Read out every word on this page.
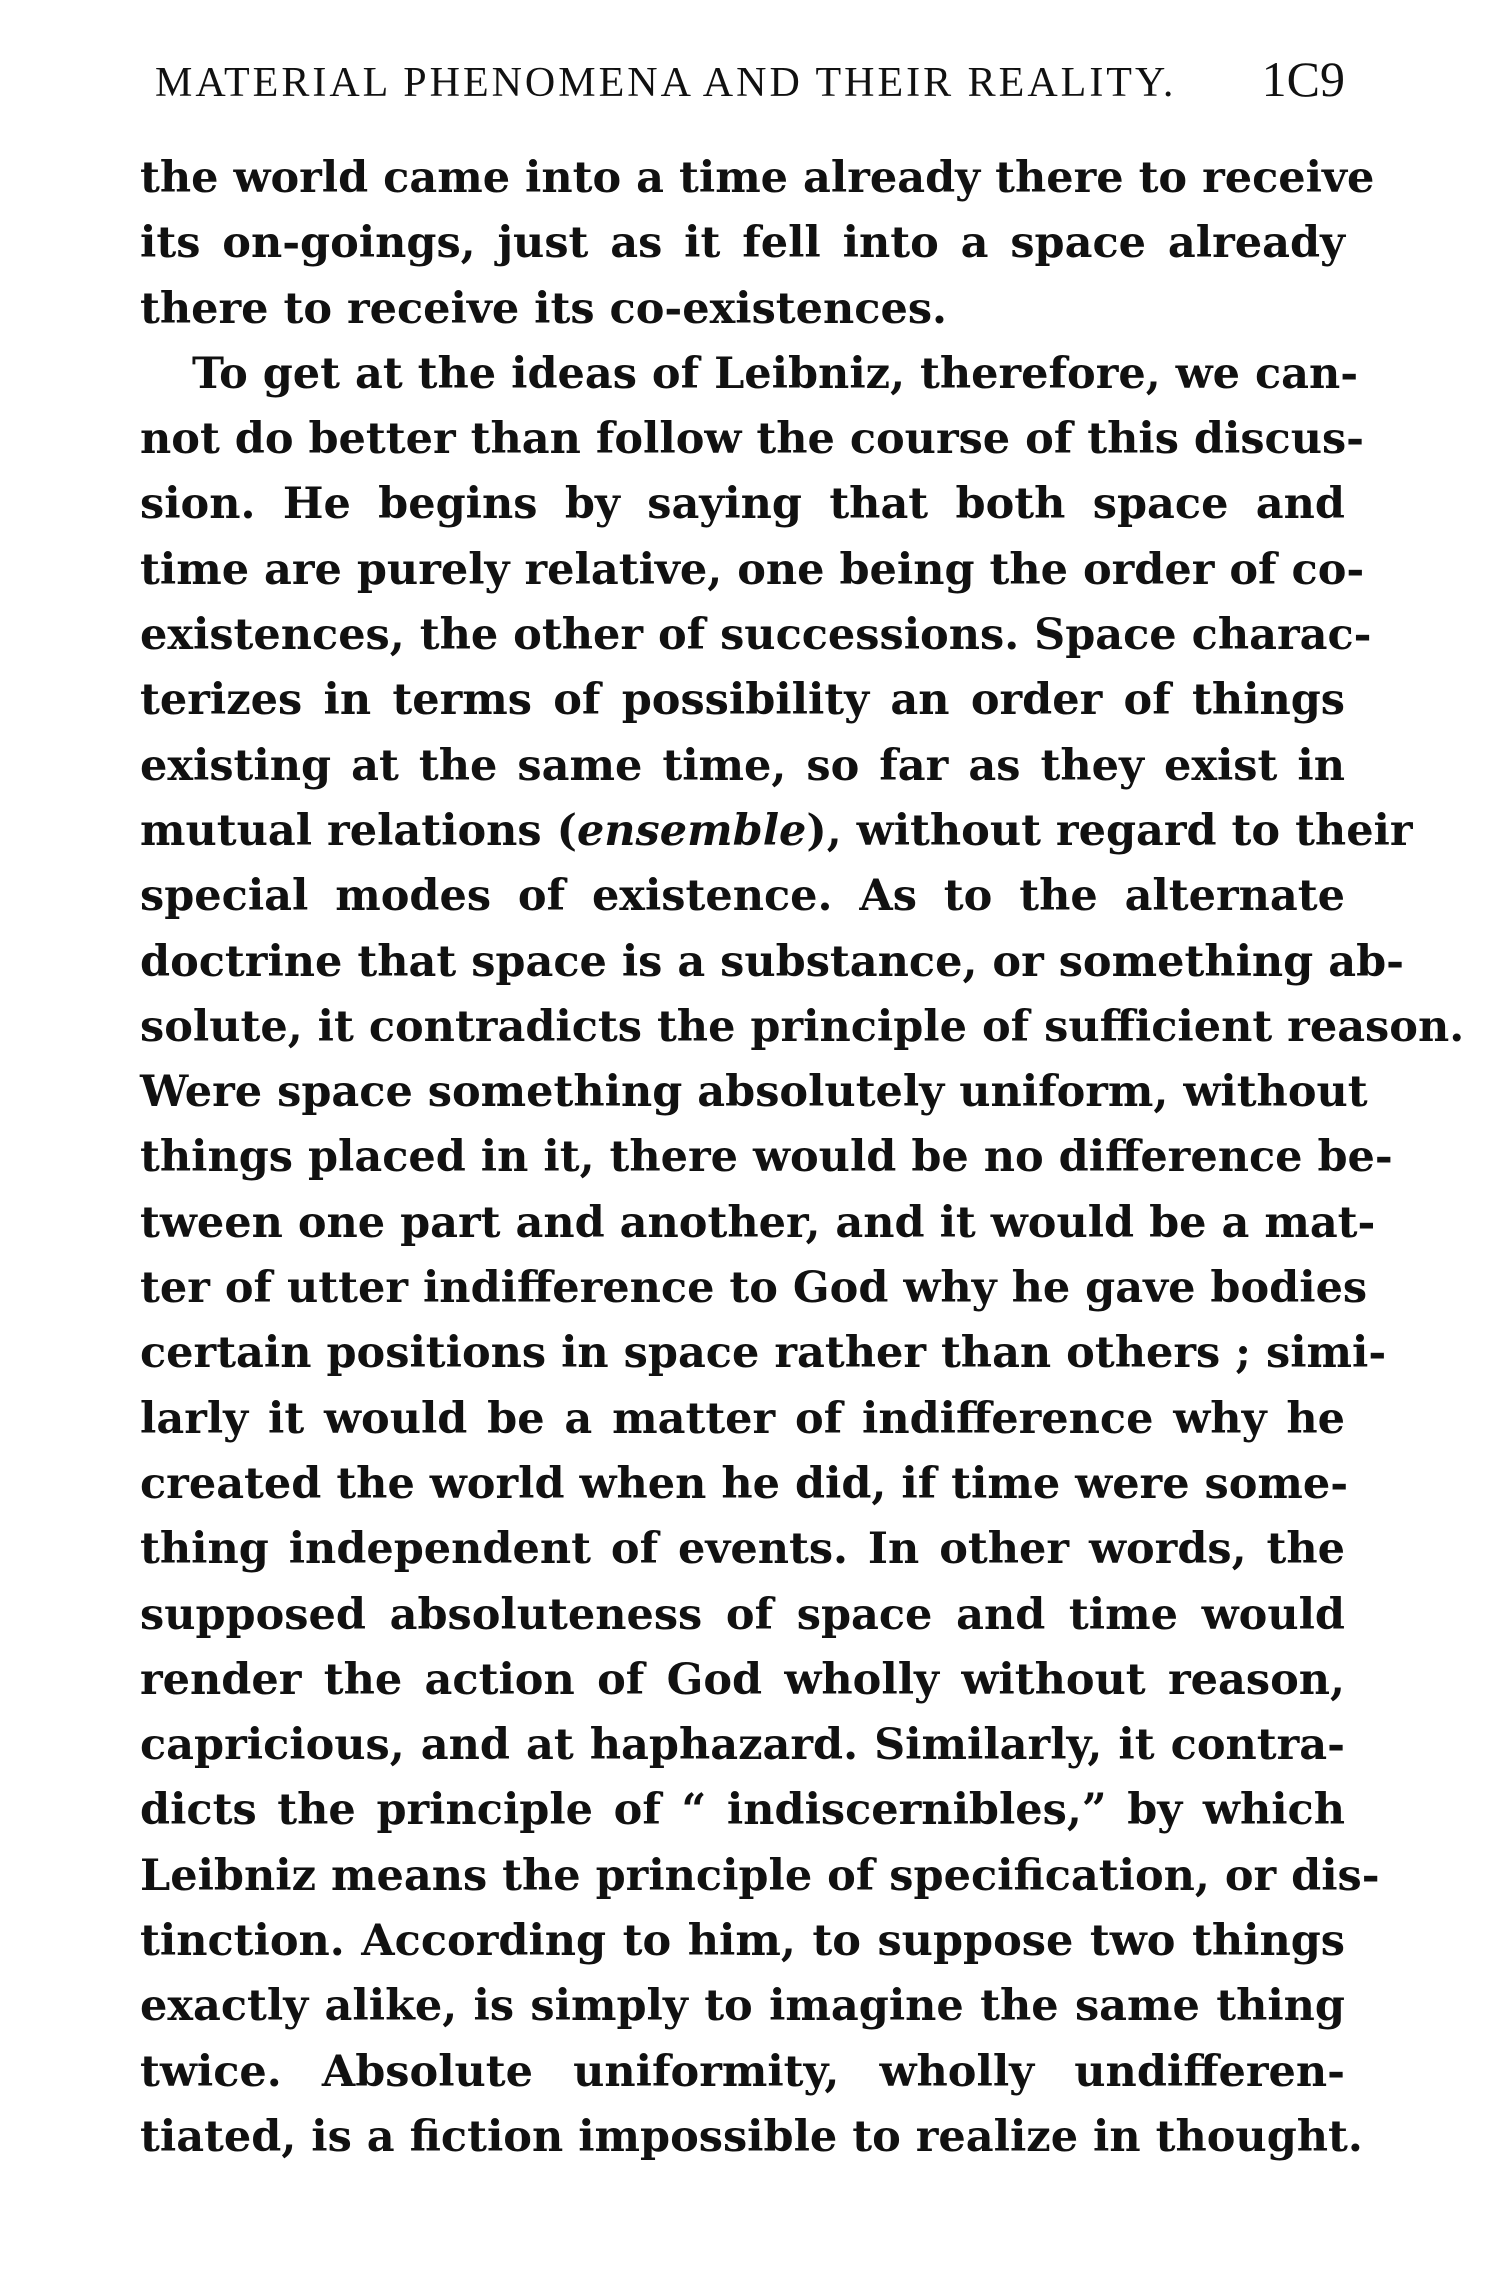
MATERIAL PHENOMENA AND THEIR REALITY. 1C9
the world came into a time already there to receive
its on-goings, just as it fell into a space already
there to receive its co-existences.
To get at the ideas of Leibniz, therefore, we can-
not do better than follow the course of this discus-
sion. He begins by saying that both space and
time are purely relative, one being the order of co-
existences, the other of successions. Space charac-
terizes in terms of possibility an order of things
existing at the same time, so far as they exist in
mutual relations (ensemble), without regard to their
special modes of existence. As to the alternate
doctrine that space is a substance, or something ab-
solute, it contradicts the principle of sufficient reason.
Were space something absolutely uniform, without
things placed in it, there would be no difference be-
tween one part and another, and it would be a mat-
ter of utter indifference to God why he gave bodies
certain positions in space rather than others ; simi-
larly it would be a matter of indifference why he
created the world when he did, if time were some-
thing independent of events. In other words, the
supposed absoluteness of space and time would
render the action of God wholly without reason,
capricious, and at haphazard. Similarly, it contra-
dicts the principle of “ indiscernibles,” by which
Leibniz means the principle of specification, or dis-
tinction. According to him, to suppose two things
exactly alike, is simply to imagine the same thing
twice. Absolute uniformity, wholly undifferen-
tiated, is a fiction impossible to realize in thought.
